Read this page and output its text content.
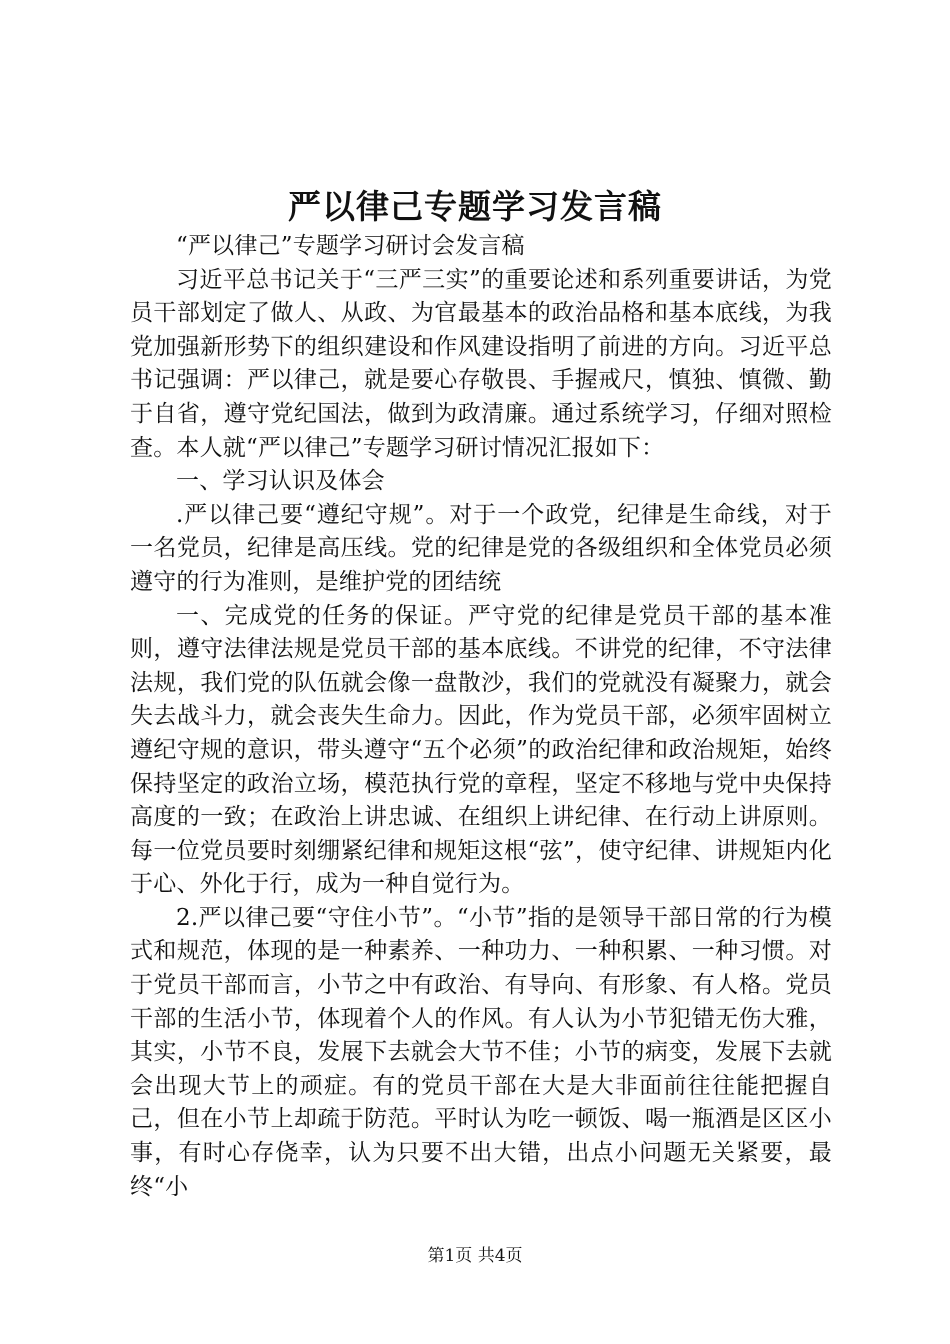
严以律己专题学习发言稿

“严以律己”专题学习研讨会发言稿

习近平总书记关于“三严三实”的重要论述和系列重要讲话，为党员干部划定了做人、从政、为官最基本的政治品格和基本底线，为我党加强新形势下的组织建设和作风建设指明了前进的方向。习近平总书记强调：严以律己，就是要心存敬畏、手握戒尺，慎独、慎微、勤于自省，遵守党纪国法，做到为政清廉。通过系统学习，仔细对照检查。本人就“严以律己”专题学习研讨情况汇报如下：

一、学习认识及体会

.严以律己要“遵纪守规”。对于一个政党，纪律是生命线，对于一名党员，纪律是高压线。党的纪律是党的各级组织和全体党员必须遵守的行为准则，是维护党的团结统

一、完成党的任务的保证。严守党的纪律是党员干部的基本准则，遵守法律法规是党员干部的基本底线。不讲党的纪律，不守法律法规，我们党的队伍就会像一盘散沙，我们的党就没有凝聚力，就会失去战斗力，就会丧失生命力。因此，作为党员干部，必须牢固树立遵纪守规的意识，带头遵守“五个必须”的政治纪律和政治规矩，始终保持坚定的政治立场，模范执行党的章程，坚定不移地与党中央保持高度的一致；在政治上讲忠诚、在组织上讲纪律、在行动上讲原则。每一位党员要时刻绷紧纪律和规矩这根“弦”，使守纪律、讲规矩内化于心、外化于行，成为一种自觉行为。

2.严以律己要“守住小节”。“小节”指的是领导干部日常的行为模式和规范，体现的是一种素养、一种功力、一种积累、一种习惯。对于党员干部而言，小节之中有政治、有导向、有形象、有人格。党员干部的生活小节，体现着个人的作风。有人认为小节犯错无伤大雅，其实，小节不良，发展下去就会大节不佳；小节的病变，发展下去就会出现大节上的顽症。有的党员干部在大是大非面前往往能把握自己，但在小节上却疏于防范。平时认为吃一顿饭、喝一瓶酒是区区小事，有时心存侥幸，认为只要不出大错，出点小问题无关紧要，最终“小

第1页 共4页
